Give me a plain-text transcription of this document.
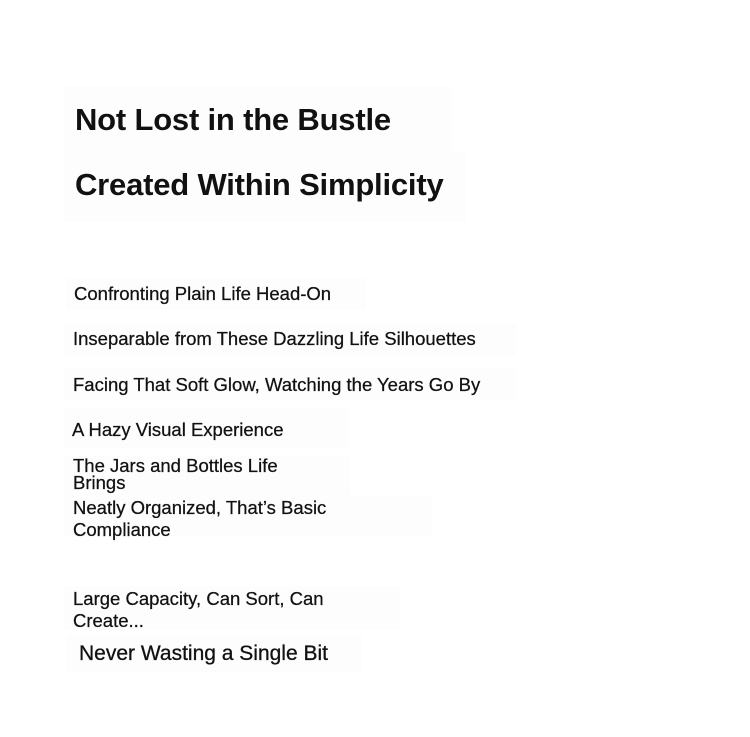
Not Lost in the Bustle
Created Within Simplicity
Confronting Plain Life Head-On
Inseparable from These Dazzling Life Silhouettes
Facing That Soft Glow, Watching the Years Go By
A Hazy Visual Experience
The Jars and Bottles Life Brings
Neatly Organized, That’s Basic Compliance
Large Capacity, Can Sort, Can Create...
Never Wasting a Single Bit
